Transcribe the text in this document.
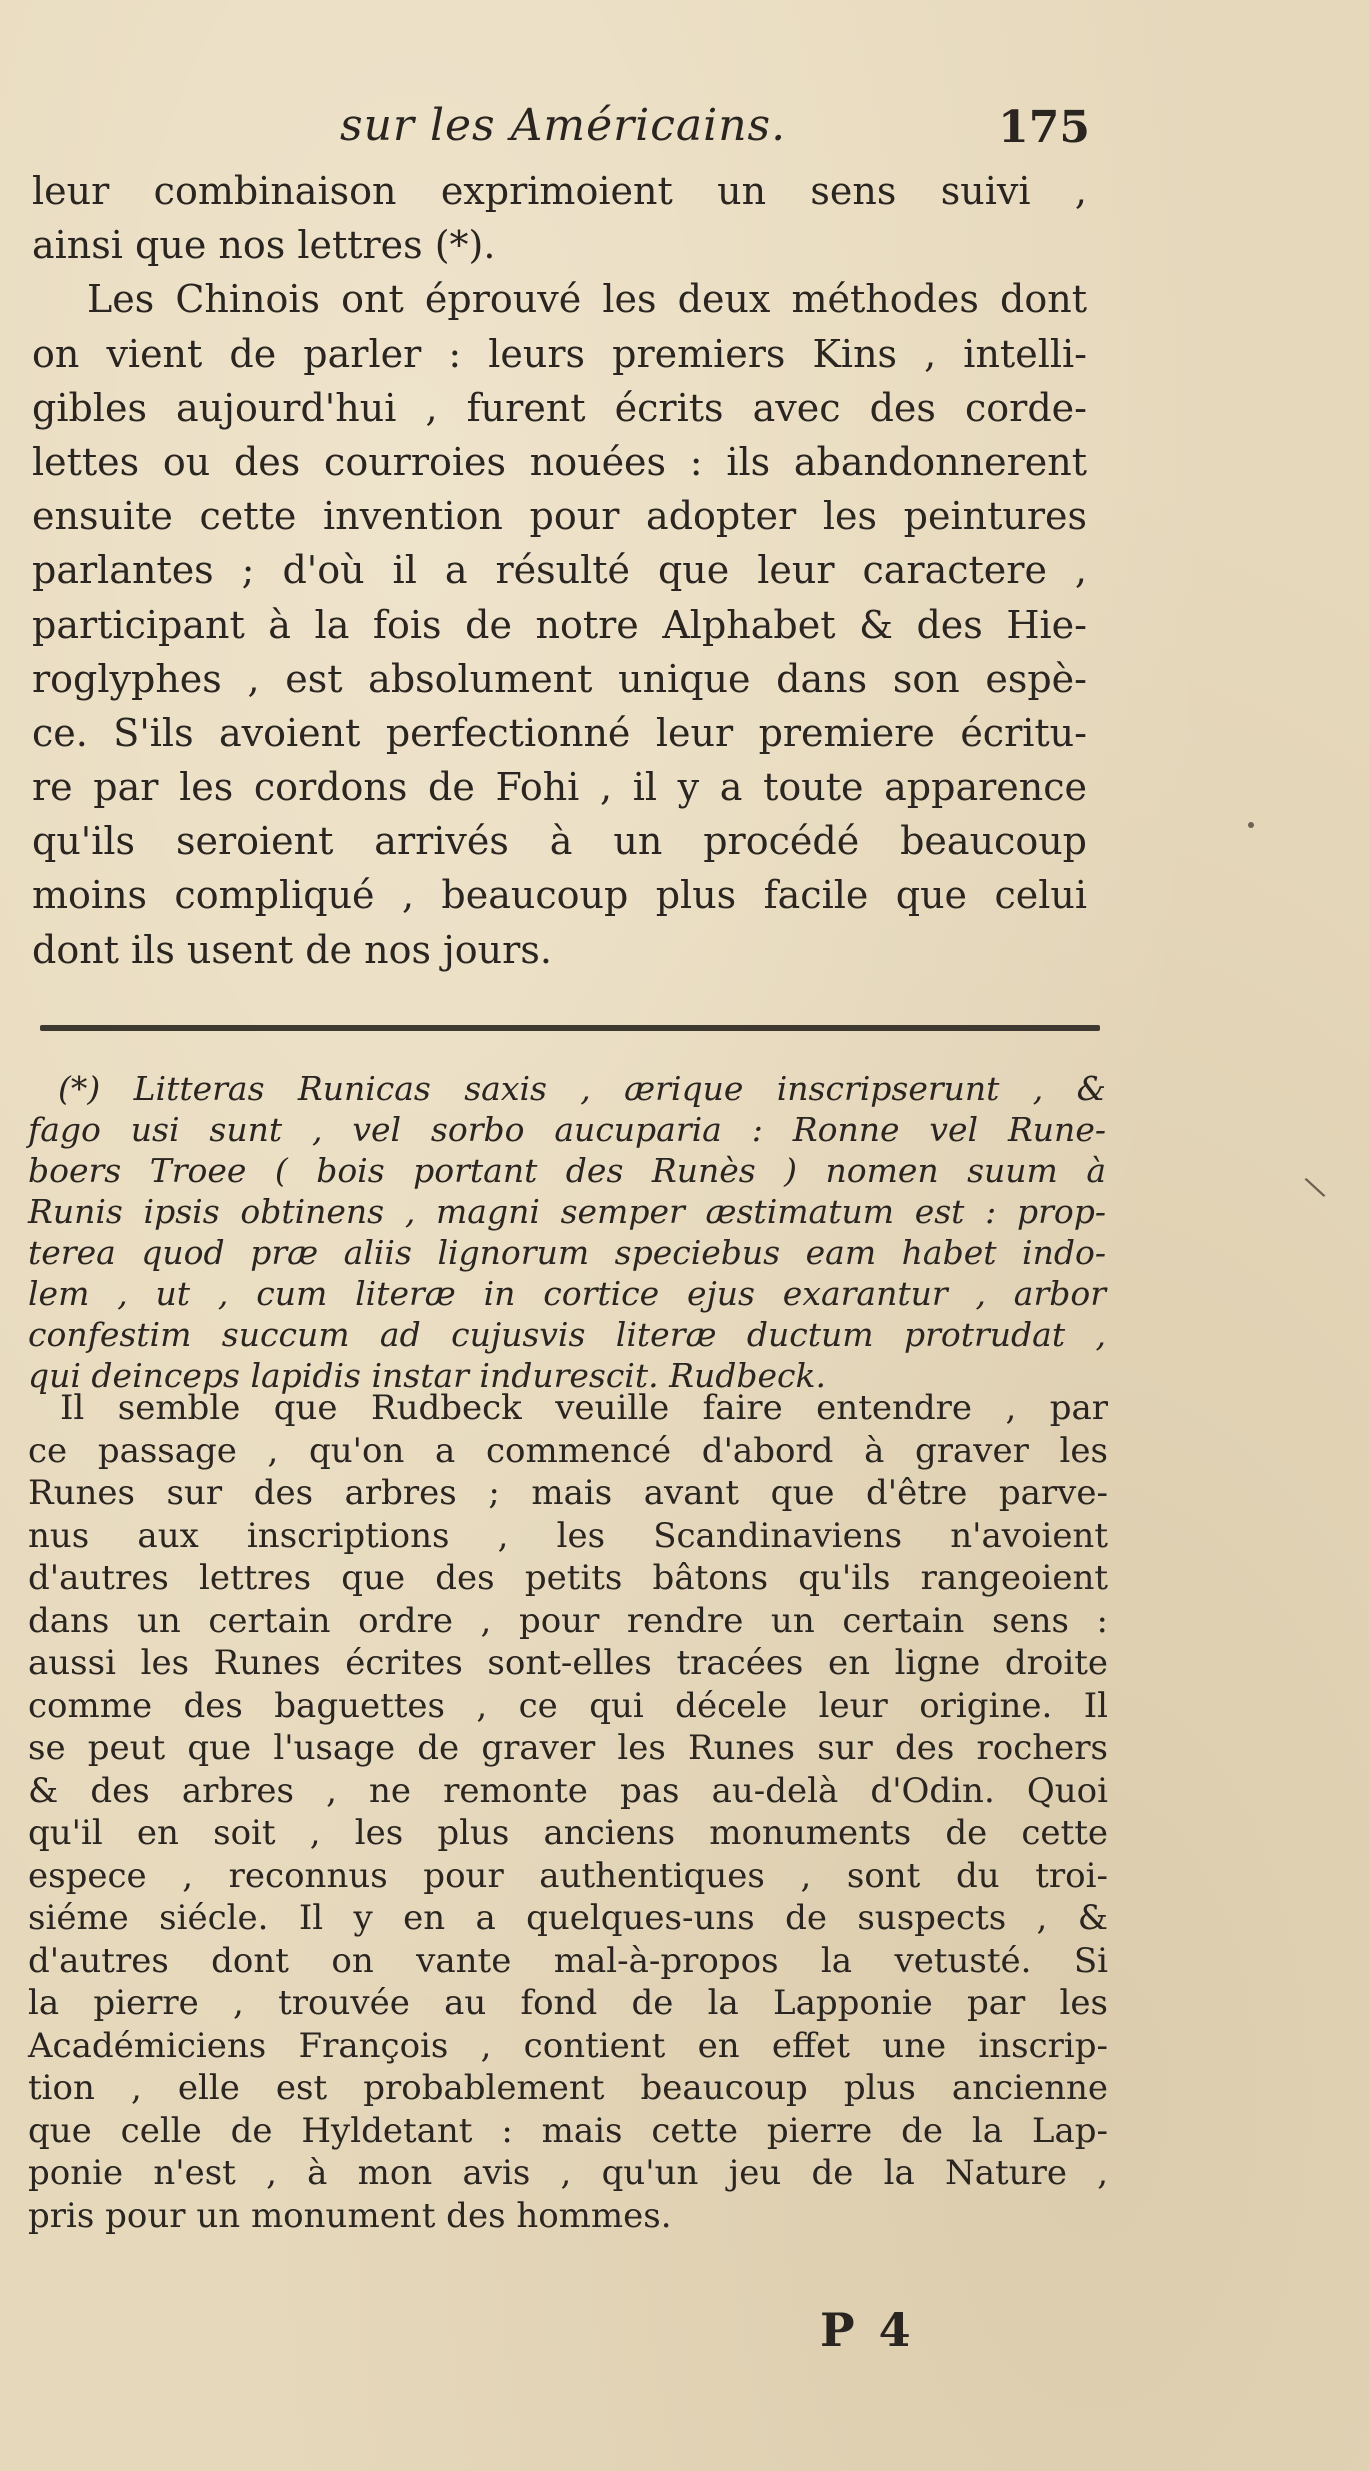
sur les Américains.	175
leur combinaison exprimoient un sens suivi ,
ainsi que nos lettres (*).
Les Chinois ont éprouvé les deux méthodes dont
on vient de parler : leurs premiers Kins , intelli-
gibles aujourd'hui , furent écrits avec des corde-
lettes ou des courroies nouées : ils abandonnerent
ensuite cette invention pour adopter les peintures
parlantes ; d'où il a résulté que leur caractere ,
participant à la fois de notre Alphabet & des Hie-
roglyphes , est absolument unique dans son espè-
ce. S'ils avoient perfectionné leur premiere écritu-
re par les cordons de Fohi , il y a toute apparence
qu'ils seroient arrivés à un procédé beaucoup
moins compliqué , beaucoup plus facile que celui
dont ils usent de nos jours.
(*) Litteras Runicas saxis , ærique inscripserunt , &
fago usi sunt , vel sorbo aucuparia : Ronne vel Rune-
boers Troee ( bois portant des Runès ) nomen suum à
Runis ipsis obtinens , magni semper æstimatum est : prop-
terea quod præ aliis lignorum speciebus eam habet indo-
lem , ut , cum literæ in cortice ejus exarantur , arbor
confestim succum ad cujusvis literæ ductum protrudat ,
qui deinceps lapidis instar indurescit. Rudbeck.
Il semble que Rudbeck veuille faire entendre , par
ce passage , qu'on a commencé d'abord à graver les
Runes sur des arbres ; mais avant que d'être parve-
nus aux inscriptions , les Scandinaviens n'avoient
d'autres lettres que des petits bâtons qu'ils rangeoient
dans un certain ordre , pour rendre un certain sens :
aussi les Runes écrites sont-elles tracées en ligne droite
comme des baguettes , ce qui décele leur origine. Il
se peut que l'usage de graver les Runes sur des rochers
& des arbres , ne remonte pas au-delà d'Odin. Quoi
qu'il en soit , les plus anciens monuments de cette
espece , reconnus pour authentiques , sont du troi-
siéme siécle. Il y en a quelques-uns de suspects , &
d'autres dont on vante mal-à-propos la vetusté. Si
la pierre , trouvée au fond de la Lapponie par les
Académiciens François , contient en effet une inscrip-
tion , elle est probablement beaucoup plus ancienne
que celle de Hyldetant : mais cette pierre de la Lap-
ponie n'est , à mon avis , qu'un jeu de la Nature ,
pris pour un monument des hommes.
P 4
\
